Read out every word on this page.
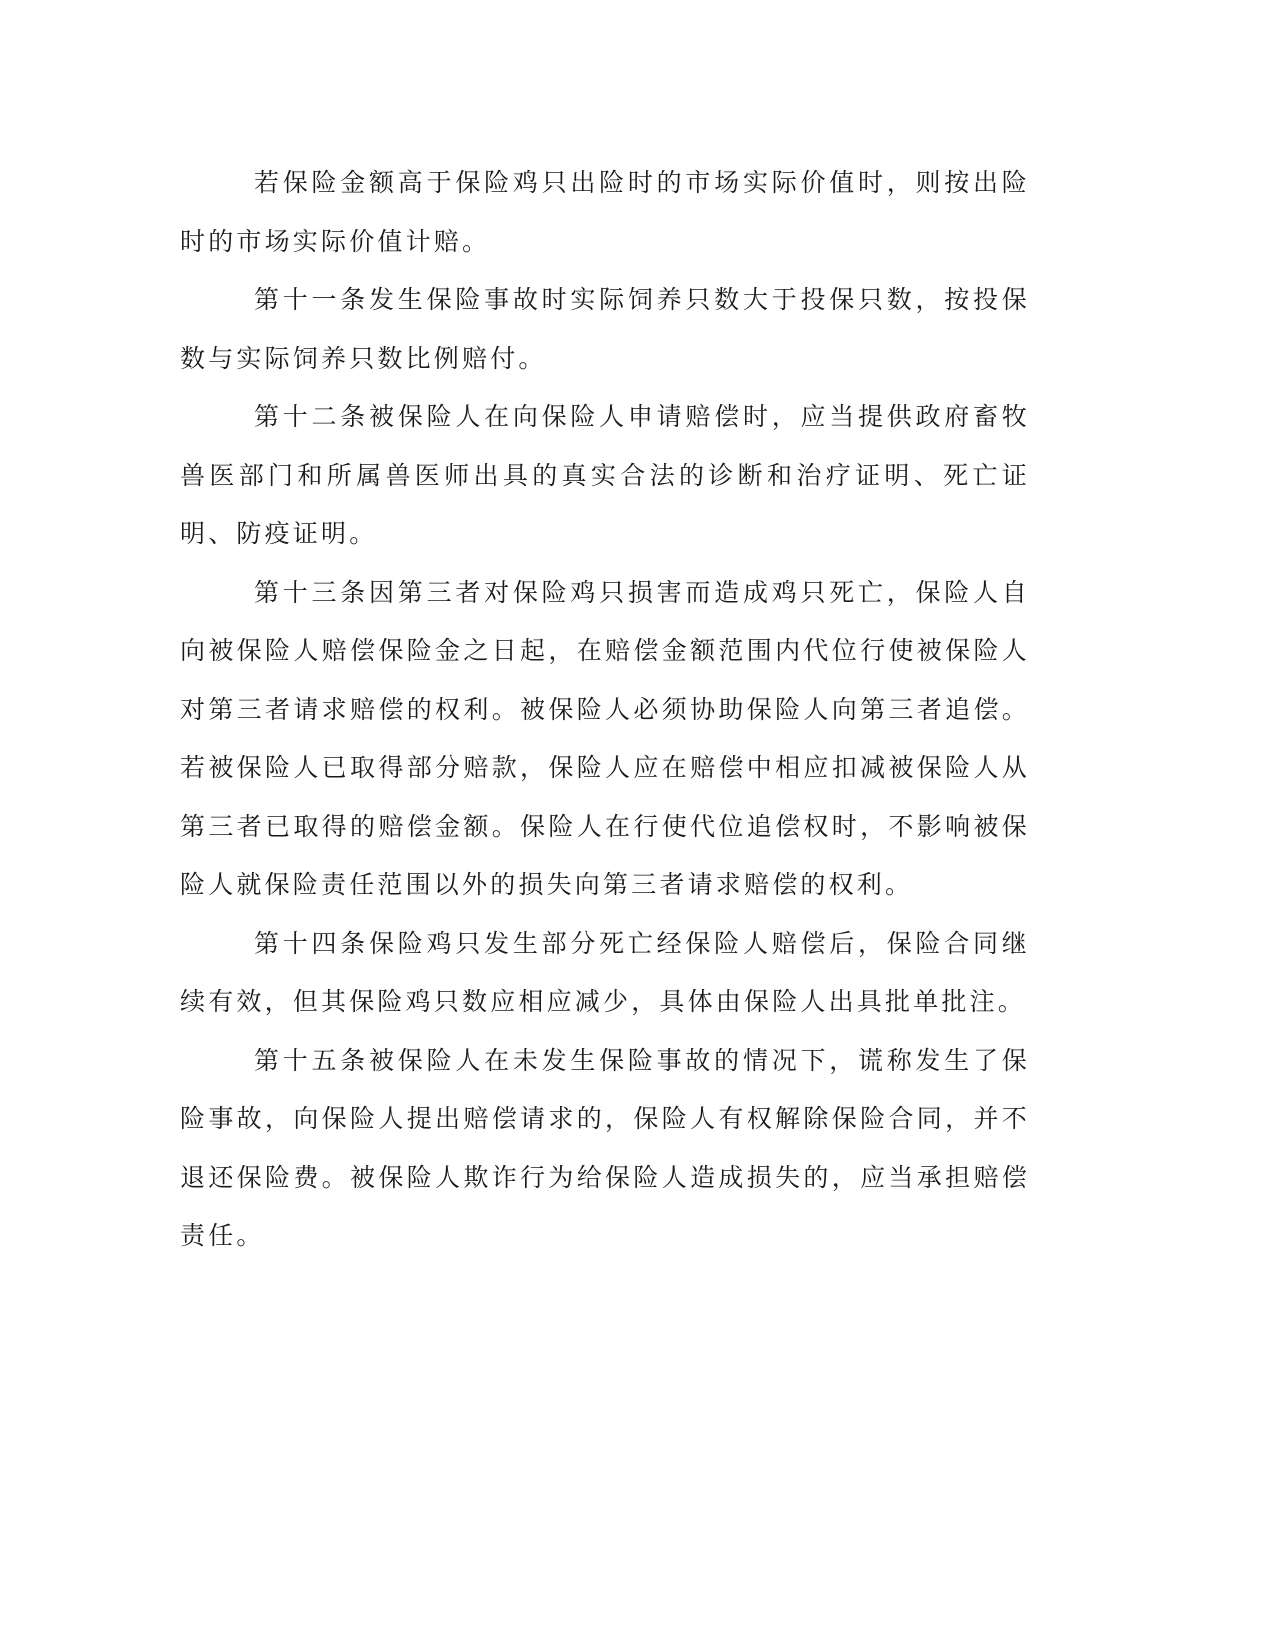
若保险金额高于保险鸡只出险时的市场实际价值时，则按出险时的市场实际价值计赔。

第十一条发生保险事故时实际饲养只数大于投保只数，按投保数与实际饲养只数比例赔付。

第十二条被保险人在向保险人申请赔偿时，应当提供政府畜牧兽医部门和所属兽医师出具的真实合法的诊断和治疗证明、死亡证明、防疫证明。

第十三条因第三者对保险鸡只损害而造成鸡只死亡，保险人自向被保险人赔偿保险金之日起，在赔偿金额范围内代位行使被保险人对第三者请求赔偿的权利。被保险人必须协助保险人向第三者追偿。若被保险人已取得部分赔款，保险人应在赔偿中相应扣减被保险人从第三者已取得的赔偿金额。保险人在行使代位追偿权时，不影响被保险人就保险责任范围以外的损失向第三者请求赔偿的权利。

第十四条保险鸡只发生部分死亡经保险人赔偿后，保险合同继续有效，但其保险鸡只数应相应减少，具体由保险人出具批单批注。

第十五条被保险人在未发生保险事故的情况下，谎称发生了保险事故，向保险人提出赔偿请求的，保险人有权解除保险合同，并不退还保险费。被保险人欺诈行为给保险人造成损失的，应当承担赔偿责任。
